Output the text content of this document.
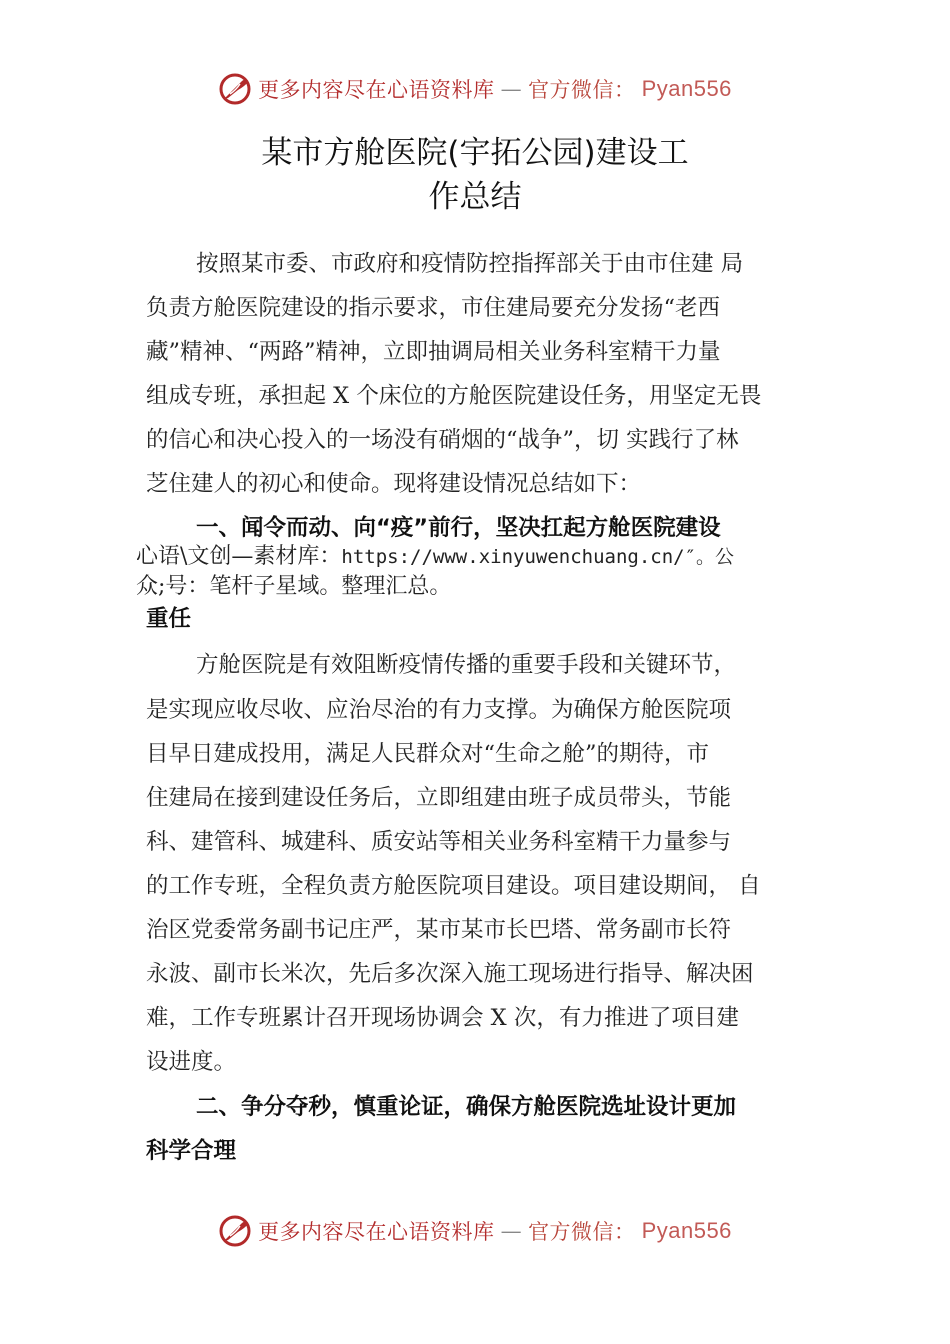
更多内容尽在心语资料库 — 官方微信： Pyan556
某市方舱医院(宇拓公园)建设工
作总结

按照某市委、市政府和疫情防控指挥部关于由市住建 局

负责方舱医院建设的指示要求，市住建局要充分发扬“老西

藏”精神、“两路”精神，立即抽调局相关业务科室精干力量

组成专班，承担起 X 个床位的方舱医院建设任务，用坚定无畏

的信心和决心投入的一场没有硝烟的“战争”，切 实践行了林

芝住建人的初心和使命。现将建设情况总结如下：

一、闻令而动、向“疫”前行，坚决扛起方舱医院建设

心语\文创—素材库：https://www.xinyuwenchuang.cn/″。公

众;号：笔杆子星域。整理汇总。

重任

方舱医院是有效阻断疫情传播的重要手段和关键环节，

是实现应收尽收、应治尽治的有力支撑。为确保方舱医院项

目早日建成投用，满足人民群众对“生命之舱”的期待，市

住建局在接到建设任务后，立即组建由班子成员带头，节能

科、建管科、城建科、质安站等相关业务科室精干力量参与

的工作专班，全程负责方舱医院项目建设。项目建设期间， 自

治区党委常务副书记庄严，某市某市长巴塔、常务副市长符

永波、副市长米次，先后多次深入施工现场进行指导、解决困

难，工作专班累计召开现场协调会 X 次，有力推进了项目建

设进度。

二、争分夺秒，慎重论证，确保方舱医院选址设计更加

科学合理

更多内容尽在心语资料库 — 官方微信： Pyan556
